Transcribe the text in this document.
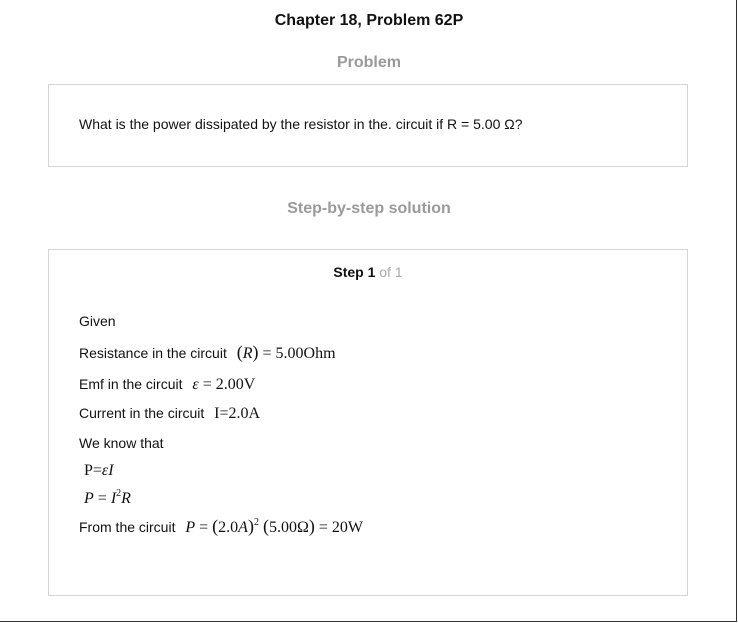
Chapter 18, Problem 62P
Problem
What is the power dissipated by the resistor in the. circuit if R = 5.00 Ω?
Step-by-step solution
Step 1 of 1
Given
Resistance in the circuit (R) = 5.00Ohm
Emf in the circuit ε = 2.00V
Current in the circuit I=2.0A
We know that
P=εI
$P = I^2R$
From the circuit $P = (2.0A)^2$ (5.00Ω) = 20W
